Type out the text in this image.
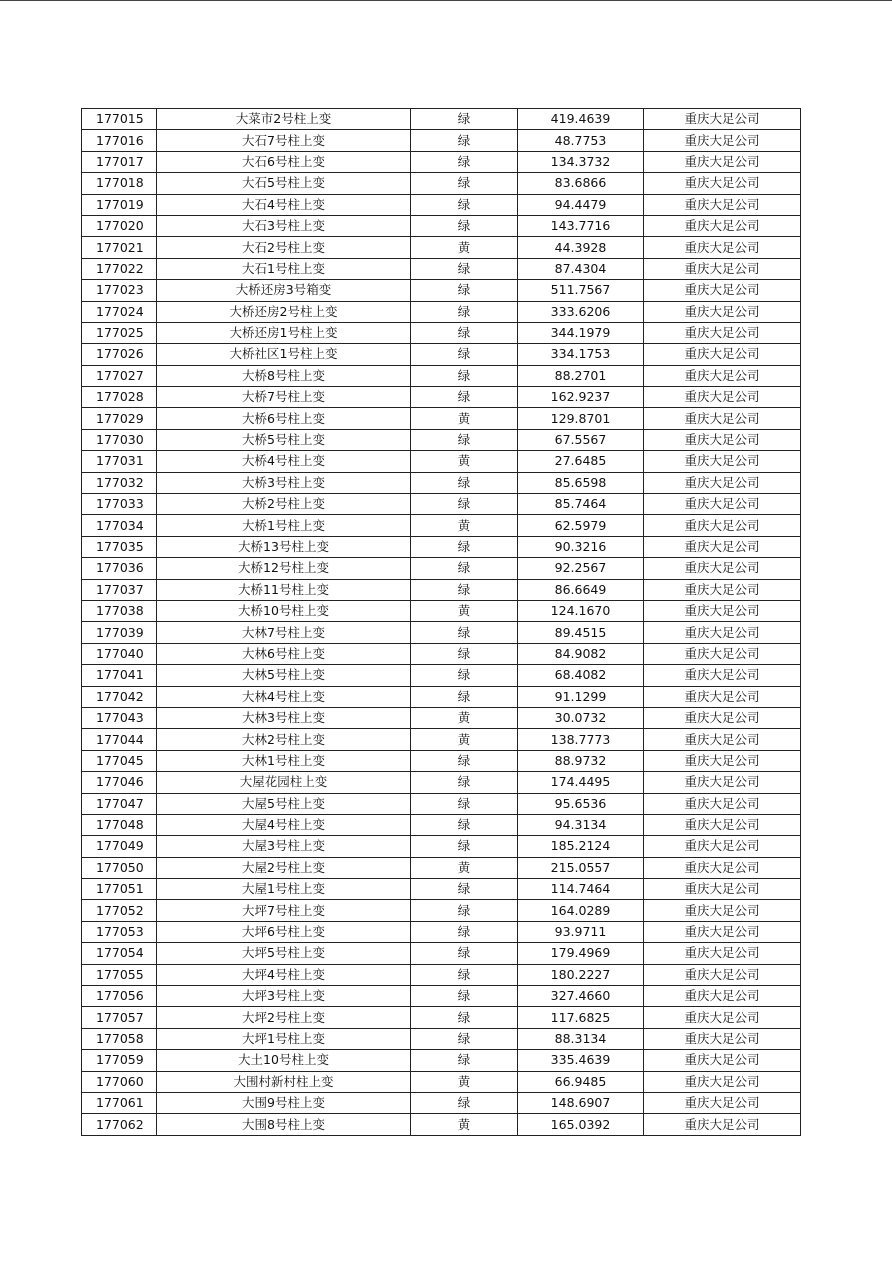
177015	大菜市2号柱上变	绿	419.4639	重庆大足公司
177016	大石7号柱上变	绿	48.7753	重庆大足公司
177017	大石6号柱上变	绿	134.3732	重庆大足公司
177018	大石5号柱上变	绿	83.6866	重庆大足公司
177019	大石4号柱上变	绿	94.4479	重庆大足公司
177020	大石3号柱上变	绿	143.7716	重庆大足公司
177021	大石2号柱上变	黄	44.3928	重庆大足公司
177022	大石1号柱上变	绿	87.4304	重庆大足公司
177023	大桥还房3号箱变	绿	511.7567	重庆大足公司
177024	大桥还房2号柱上变	绿	333.6206	重庆大足公司
177025	大桥还房1号柱上变	绿	344.1979	重庆大足公司
177026	大桥社区1号柱上变	绿	334.1753	重庆大足公司
177027	大桥8号柱上变	绿	88.2701	重庆大足公司
177028	大桥7号柱上变	绿	162.9237	重庆大足公司
177029	大桥6号柱上变	黄	129.8701	重庆大足公司
177030	大桥5号柱上变	绿	67.5567	重庆大足公司
177031	大桥4号柱上变	黄	27.6485	重庆大足公司
177032	大桥3号柱上变	绿	85.6598	重庆大足公司
177033	大桥2号柱上变	绿	85.7464	重庆大足公司
177034	大桥1号柱上变	黄	62.5979	重庆大足公司
177035	大桥13号柱上变	绿	90.3216	重庆大足公司
177036	大桥12号柱上变	绿	92.2567	重庆大足公司
177037	大桥11号柱上变	绿	86.6649	重庆大足公司
177038	大桥10号柱上变	黄	124.1670	重庆大足公司
177039	大林7号柱上变	绿	89.4515	重庆大足公司
177040	大林6号柱上变	绿	84.9082	重庆大足公司
177041	大林5号柱上变	绿	68.4082	重庆大足公司
177042	大林4号柱上变	绿	91.1299	重庆大足公司
177043	大林3号柱上变	黄	30.0732	重庆大足公司
177044	大林2号柱上变	黄	138.7773	重庆大足公司
177045	大林1号柱上变	绿	88.9732	重庆大足公司
177046	大屋花园柱上变	绿	174.4495	重庆大足公司
177047	大屋5号柱上变	绿	95.6536	重庆大足公司
177048	大屋4号柱上变	绿	94.3134	重庆大足公司
177049	大屋3号柱上变	绿	185.2124	重庆大足公司
177050	大屋2号柱上变	黄	215.0557	重庆大足公司
177051	大屋1号柱上变	绿	114.7464	重庆大足公司
177052	大坪7号柱上变	绿	164.0289	重庆大足公司
177053	大坪6号柱上变	绿	93.9711	重庆大足公司
177054	大坪5号柱上变	绿	179.4969	重庆大足公司
177055	大坪4号柱上变	绿	180.2227	重庆大足公司
177056	大坪3号柱上变	绿	327.4660	重庆大足公司
177057	大坪2号柱上变	绿	117.6825	重庆大足公司
177058	大坪1号柱上变	绿	88.3134	重庆大足公司
177059	大土10号柱上变	绿	335.4639	重庆大足公司
177060	大围村新村柱上变	黄	66.9485	重庆大足公司
177061	大围9号柱上变	绿	148.6907	重庆大足公司
177062	大围8号柱上变	黄	165.0392	重庆大足公司
